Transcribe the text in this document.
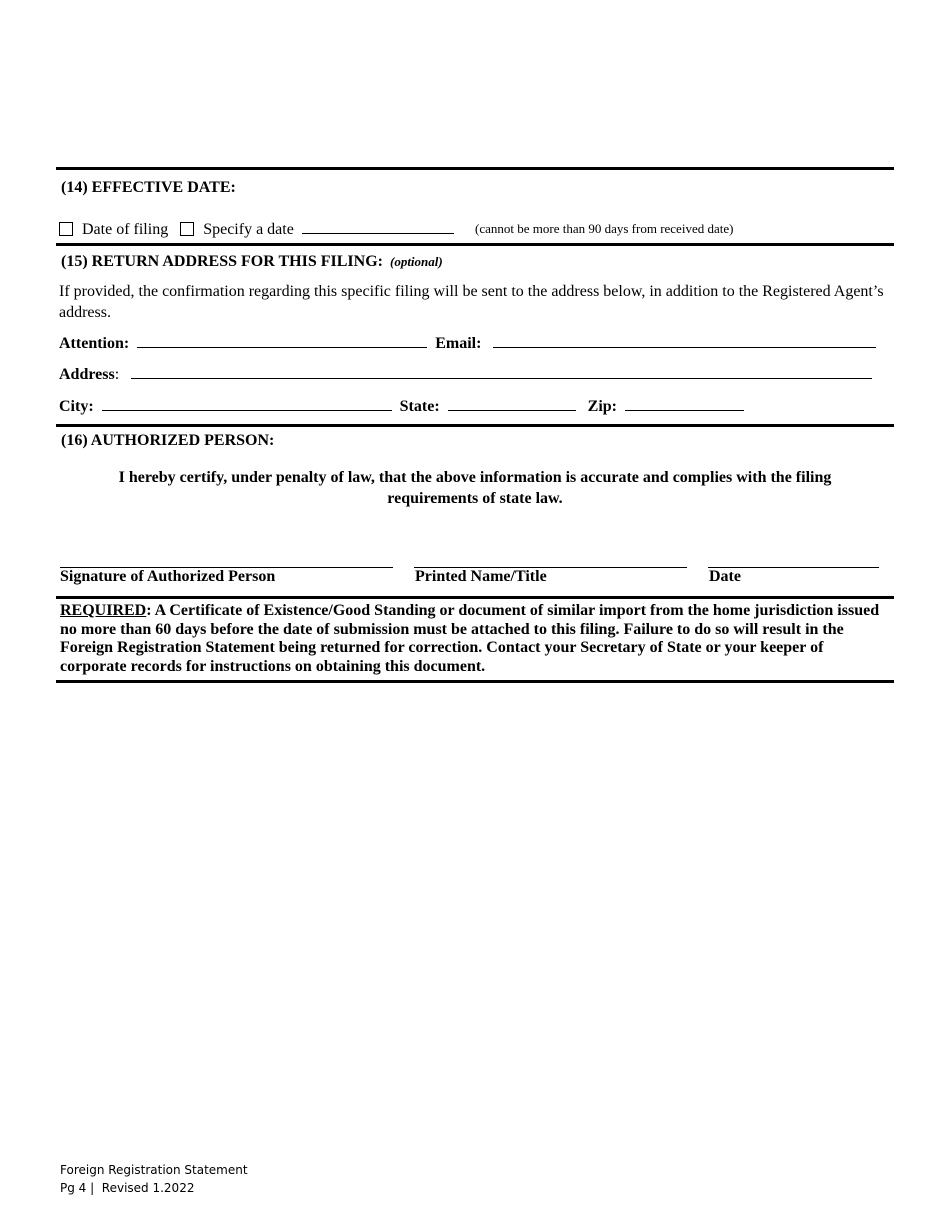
(14) EFFECTIVE DATE:
Date of filing Specify a date	(cannot be more than 90 days from received date)
(15) RETURN ADDRESS FOR THIS FILING: (optional)
If provided, the confirmation regarding this specific filing will be sent to the address below, in addition to the Registered Agent’s address.
Attention:	Email:
Address:
City:	State:	Zip:
(16) AUTHORIZED PERSON:
I hereby certify, under penalty of law, that the above information is accurate and complies with the filing requirements of state law.
Signature of Authorized Person	Printed Name/Title	Date
REQUIRED: A Certificate of Existence/Good Standing or document of similar import from the home jurisdiction issued no more than 60 days before the date of submission must be attached to this filing. Failure to do so will result in the Foreign Registration Statement being returned for correction. Contact your Secretary of State or your keeper of corporate records for instructions on obtaining this document.
Foreign Registration Statement
Pg 4 |  Revised 1.2022
